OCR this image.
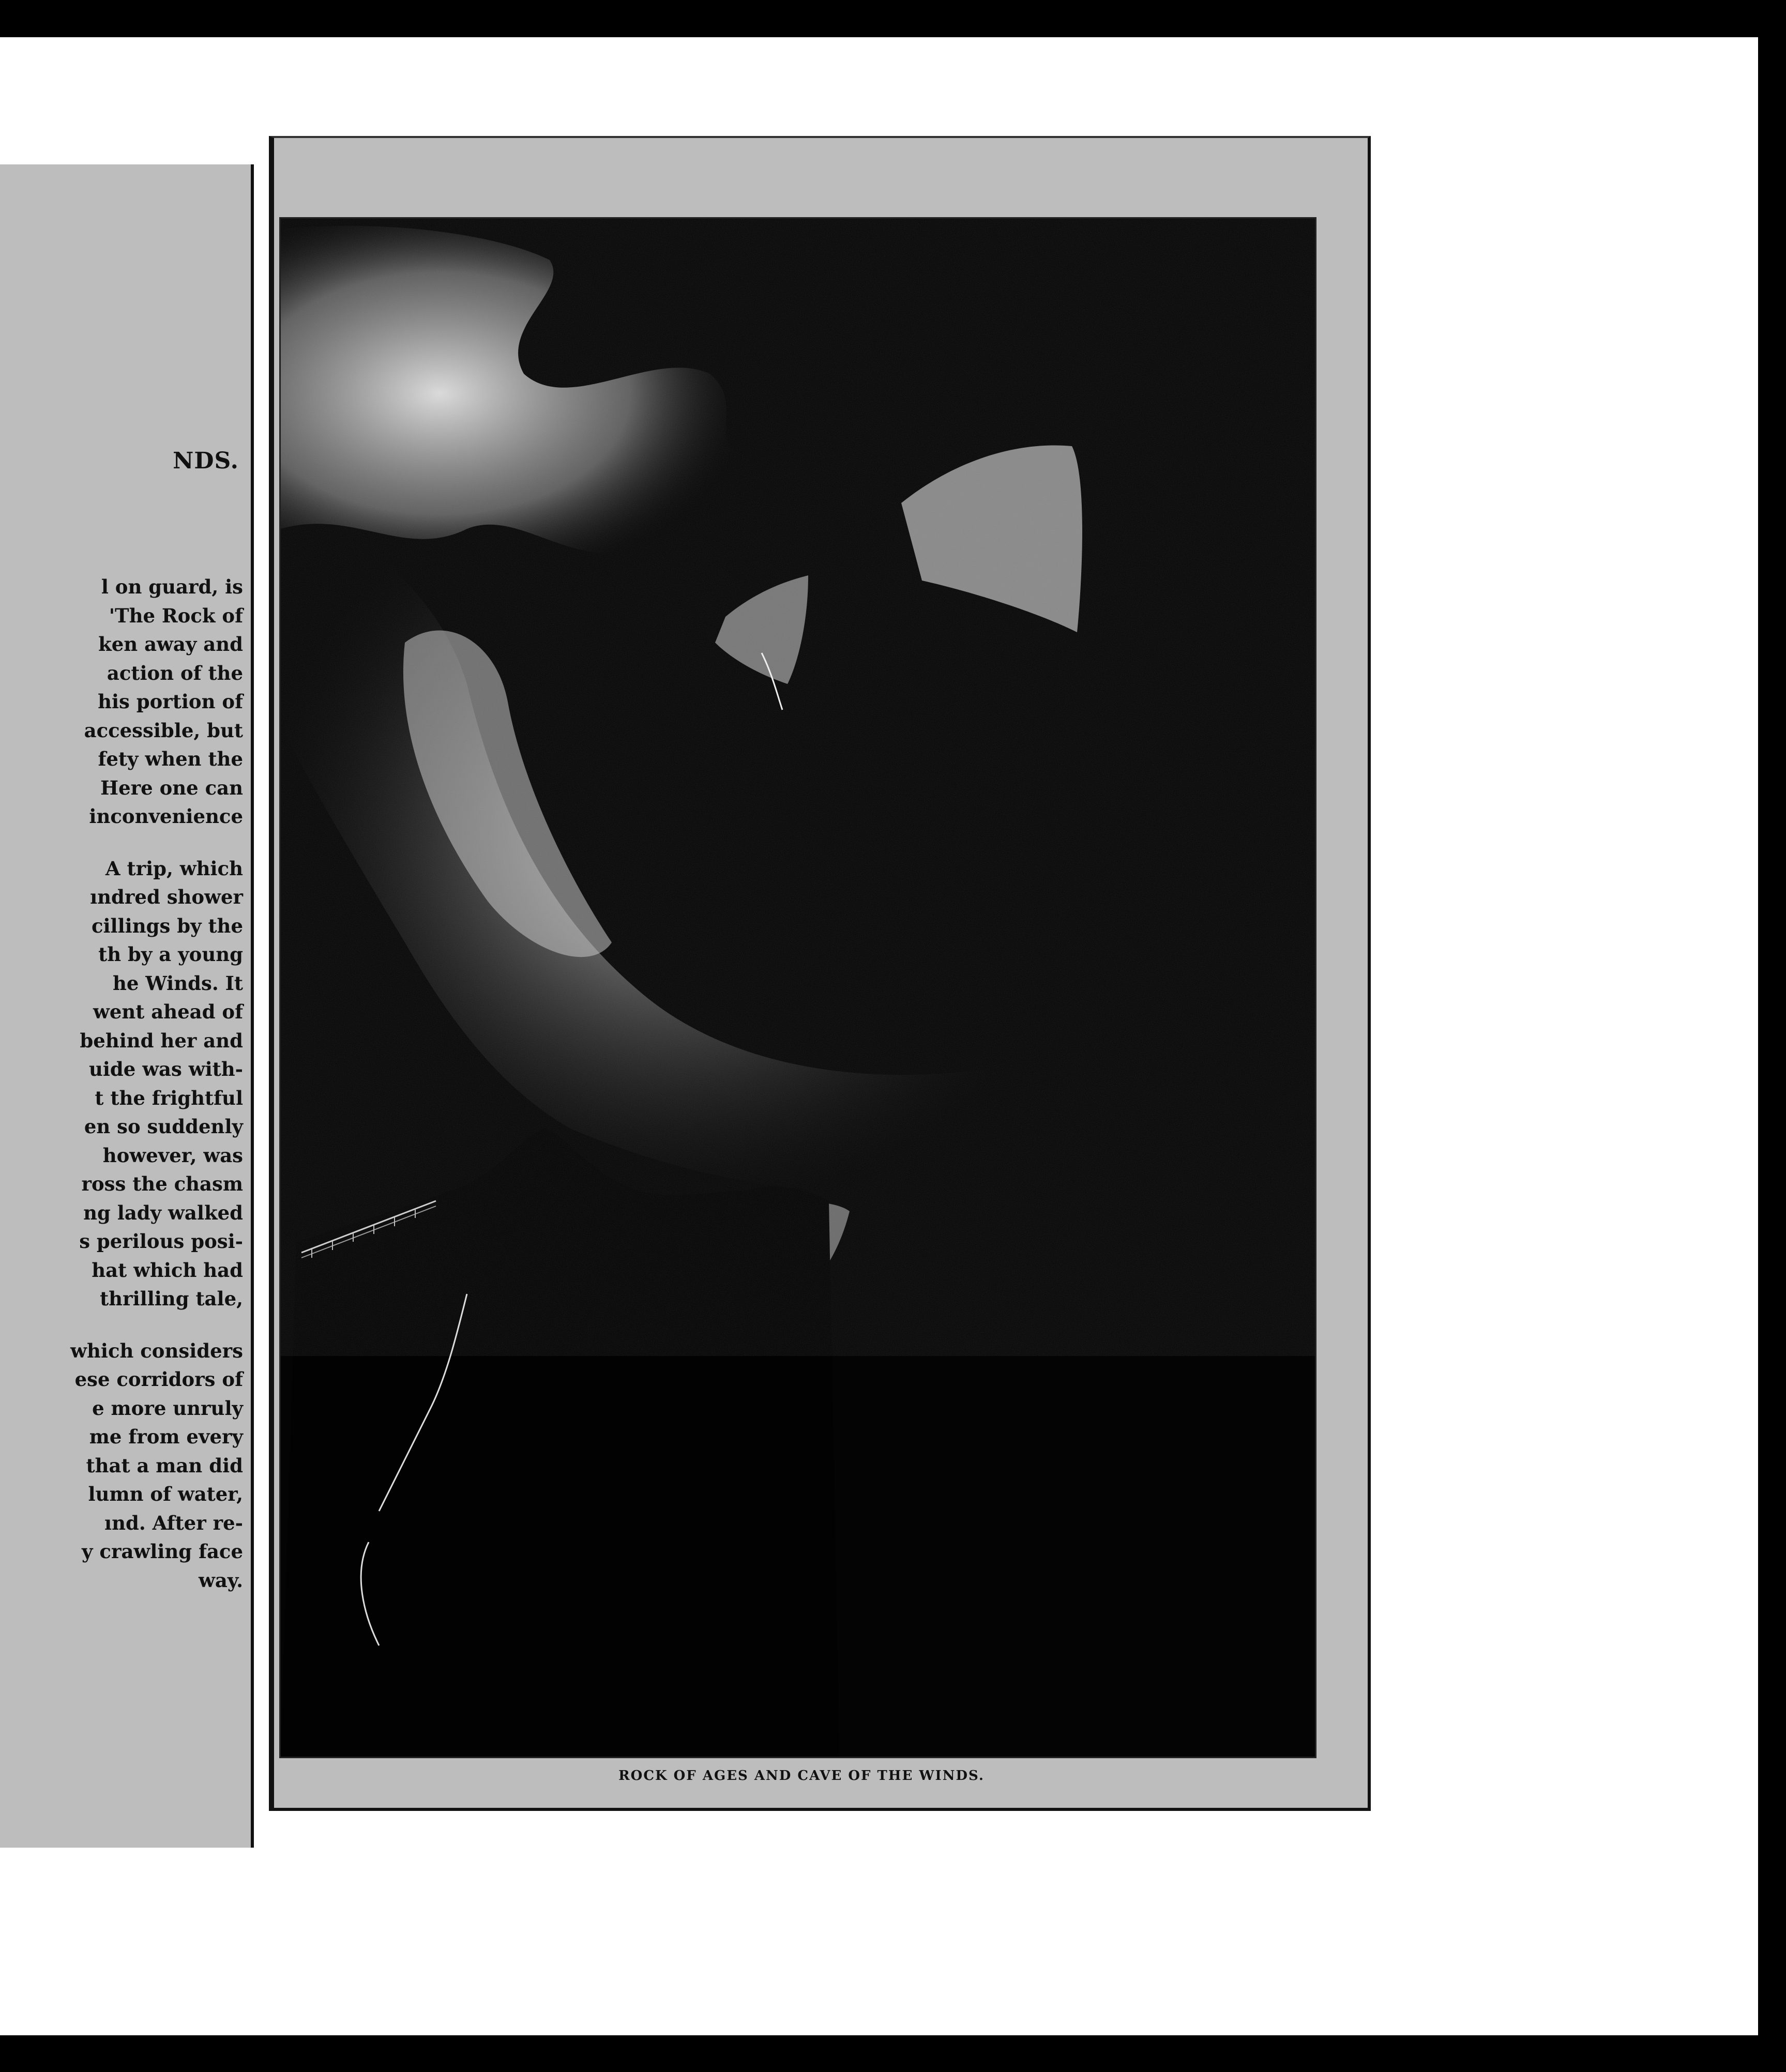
NDS.
l on guard, is
'The Rock of
ken away and
action of the
his portion of
accessible, but
fety when the
Here one can
inconvenience
A trip, which
ındred shower
cillings by the
th by a young
he Winds. It
went ahead of
behind her and
uide was with-
t the frightful
en so suddenly
however, was
ross the chasm
ng lady walked
s perilous posi-
hat which had
thrilling tale,
which considers
ese corridors of
e more unruly
me from every
that a man did
lumn of water,
ınd. After re-
y crawling face
way.
ROCK OF AGES AND CAVE OF THE WINDS.
